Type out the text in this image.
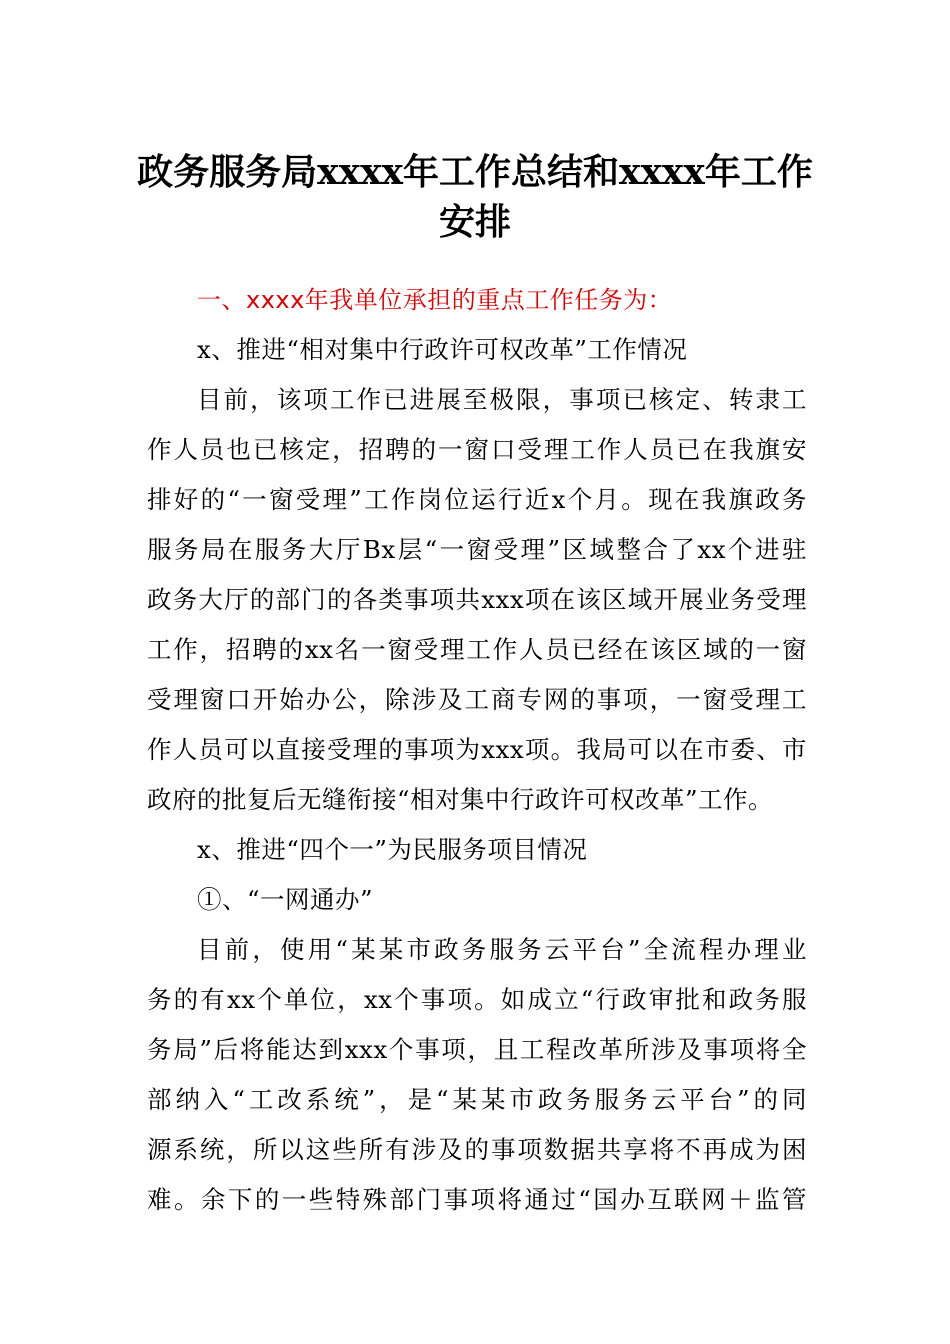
政务服务局xxxx年工作总结和xxxx年工作
安排
一、xxxx年我单位承担的重点工作任务为：
x、推进“相对集中行政许可权改革”工作情况
目前，该项工作已进展至极限，事项已核定、转隶工
作人员也已核定，招聘的一窗口受理工作人员已在我旗安
排好的“一窗受理”工作岗位运行近x个月。现在我旗政务
服务局在服务大厅Bx层“一窗受理”区域整合了xx个进驻
政务大厅的部门的各类事项共xxx项在该区域开展业务受理
工作，招聘的xx名一窗受理工作人员已经在该区域的一窗
受理窗口开始办公，除涉及工商专网的事项，一窗受理工
作人员可以直接受理的事项为xxx项。我局可以在市委、市
政府的批复后无缝衔接“相对集中行政许可权改革”工作。
x、推进“四个一”为民服务项目情况
①、“一网通办”
目前，使用“某某市政务服务云平台”全流程办理业
务的有xx个单位，xx个事项。如成立“行政审批和政务服
务局”后将能达到xxx个事项，且工程改革所涉及事项将全
部纳入“工改系统”，是“某某市政务服务云平台”的同
源系统，所以这些所有涉及的事项数据共享将不再成为困
难。余下的一些特殊部门事项将通过“国办互联网＋监管
